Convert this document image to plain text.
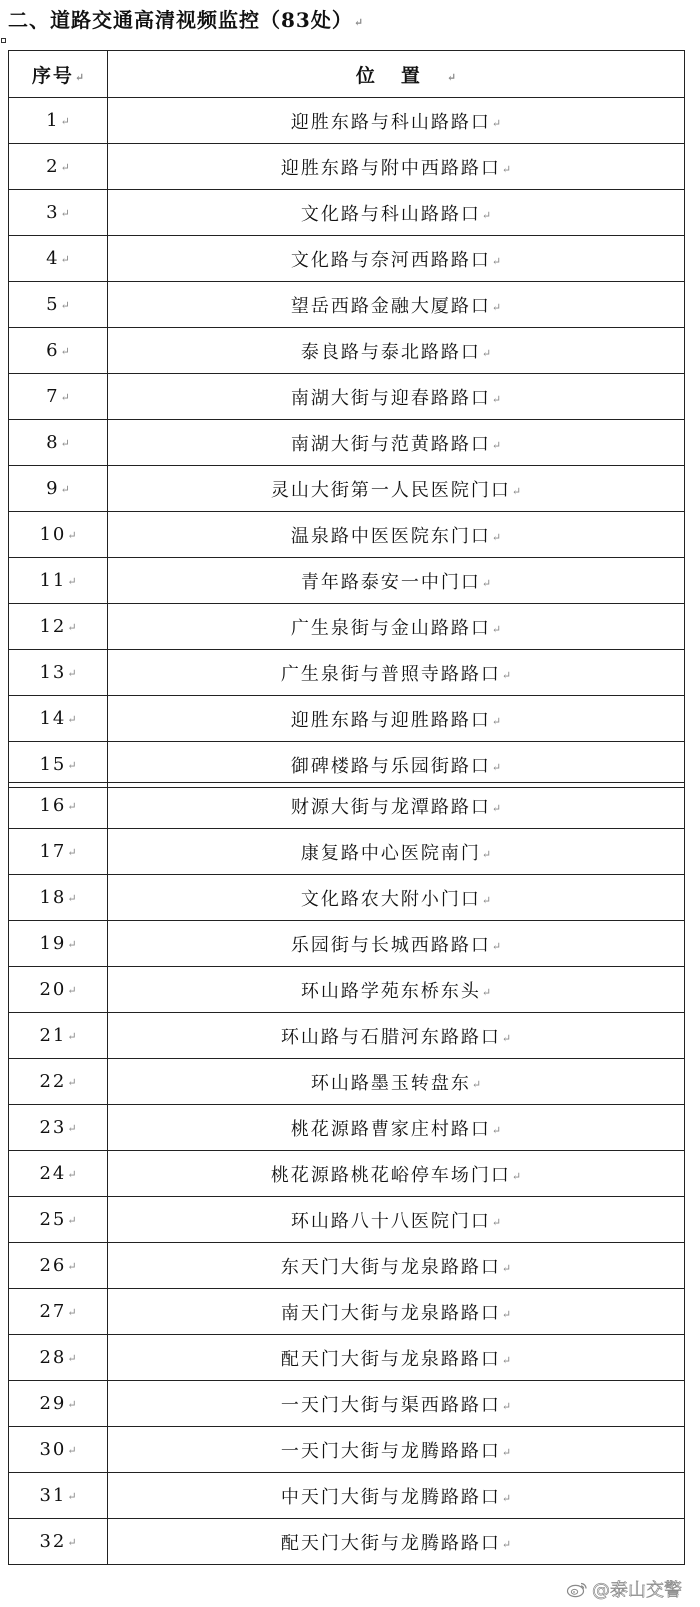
二、道路交通高清视频监控（83处）↵
序号↵	位置↵
1↵	迎胜东路与科山路路口↵
2↵	迎胜东路与附中西路路口↵
3↵	文化路与科山路路口↵
4↵	文化路与奈河西路路口↵
5↵	望岳西路金融大厦路口↵
6↵	泰良路与泰北路路口↵
7↵	南湖大街与迎春路路口↵
8↵	南湖大街与范黄路路口↵
9↵	灵山大街第一人民医院门口↵
10↵	温泉路中医医院东门口↵
11↵	青年路泰安一中门口↵
12↵	广生泉街与金山路路口↵
13↵	广生泉街与普照寺路路口↵
14↵	迎胜东路与迎胜路路口↵
15↵	御碑楼路与乐园街路口↵
16↵	财源大街与龙潭路路口↵
17↵	康复路中心医院南门↵
18↵	文化路农大附小门口↵
19↵	乐园街与长城西路路口↵
20↵	环山路学苑东桥东头↵
21↵	环山路与石腊河东路路口↵
22↵	环山路墨玉转盘东↵
23↵	桃花源路曹家庄村路口↵
24↵	桃花源路桃花峪停车场门口↵
25↵	环山路八十八医院门口↵
26↵	东天门大街与龙泉路路口↵
27↵	南天门大街与龙泉路路口↵
28↵	配天门大街与龙泉路路口↵
29↵	一天门大街与渠西路路口↵
30↵	一天门大街与龙腾路路口↵
31↵	中天门大街与龙腾路路口↵
32↵	配天门大街与龙腾路路口↵
@泰山交警
